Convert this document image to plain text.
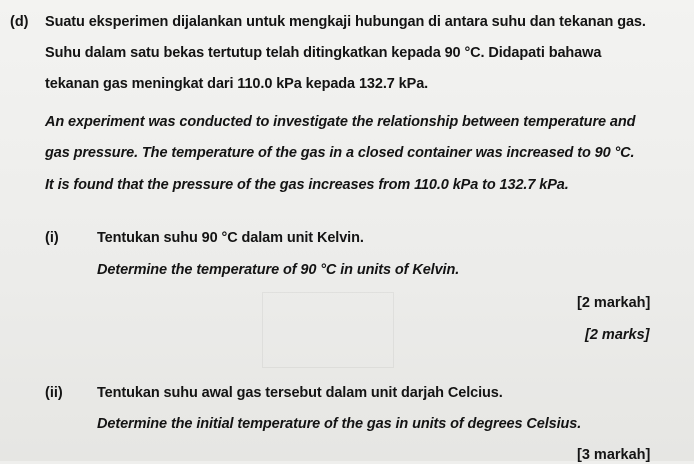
(d) Suatu eksperimen dijalankan untuk mengkaji hubungan di antara suhu dan tekanan gas.
Suhu dalam satu bekas tertutup telah ditingkatkan kepada 90 °C. Didapati bahawa
tekanan gas meningkat dari 110.0 kPa kepada 132.7 kPa.
An experiment was conducted to investigate the relationship between temperature and
gas pressure. The temperature of the gas in a closed container was increased to 90 °C.
It is found that the pressure of the gas increases from 110.0 kPa to 132.7 kPa.
(i)	Tentukan suhu 90 °C dalam unit Kelvin.
Determine the temperature of 90 °C in units of Kelvin.
[2 markah]
[2 marks]
(ii) Tentukan suhu awal gas tersebut dalam unit darjah Celcius.
Determine the initial temperature of the gas in units of degrees Celsius.
[3 markah]
